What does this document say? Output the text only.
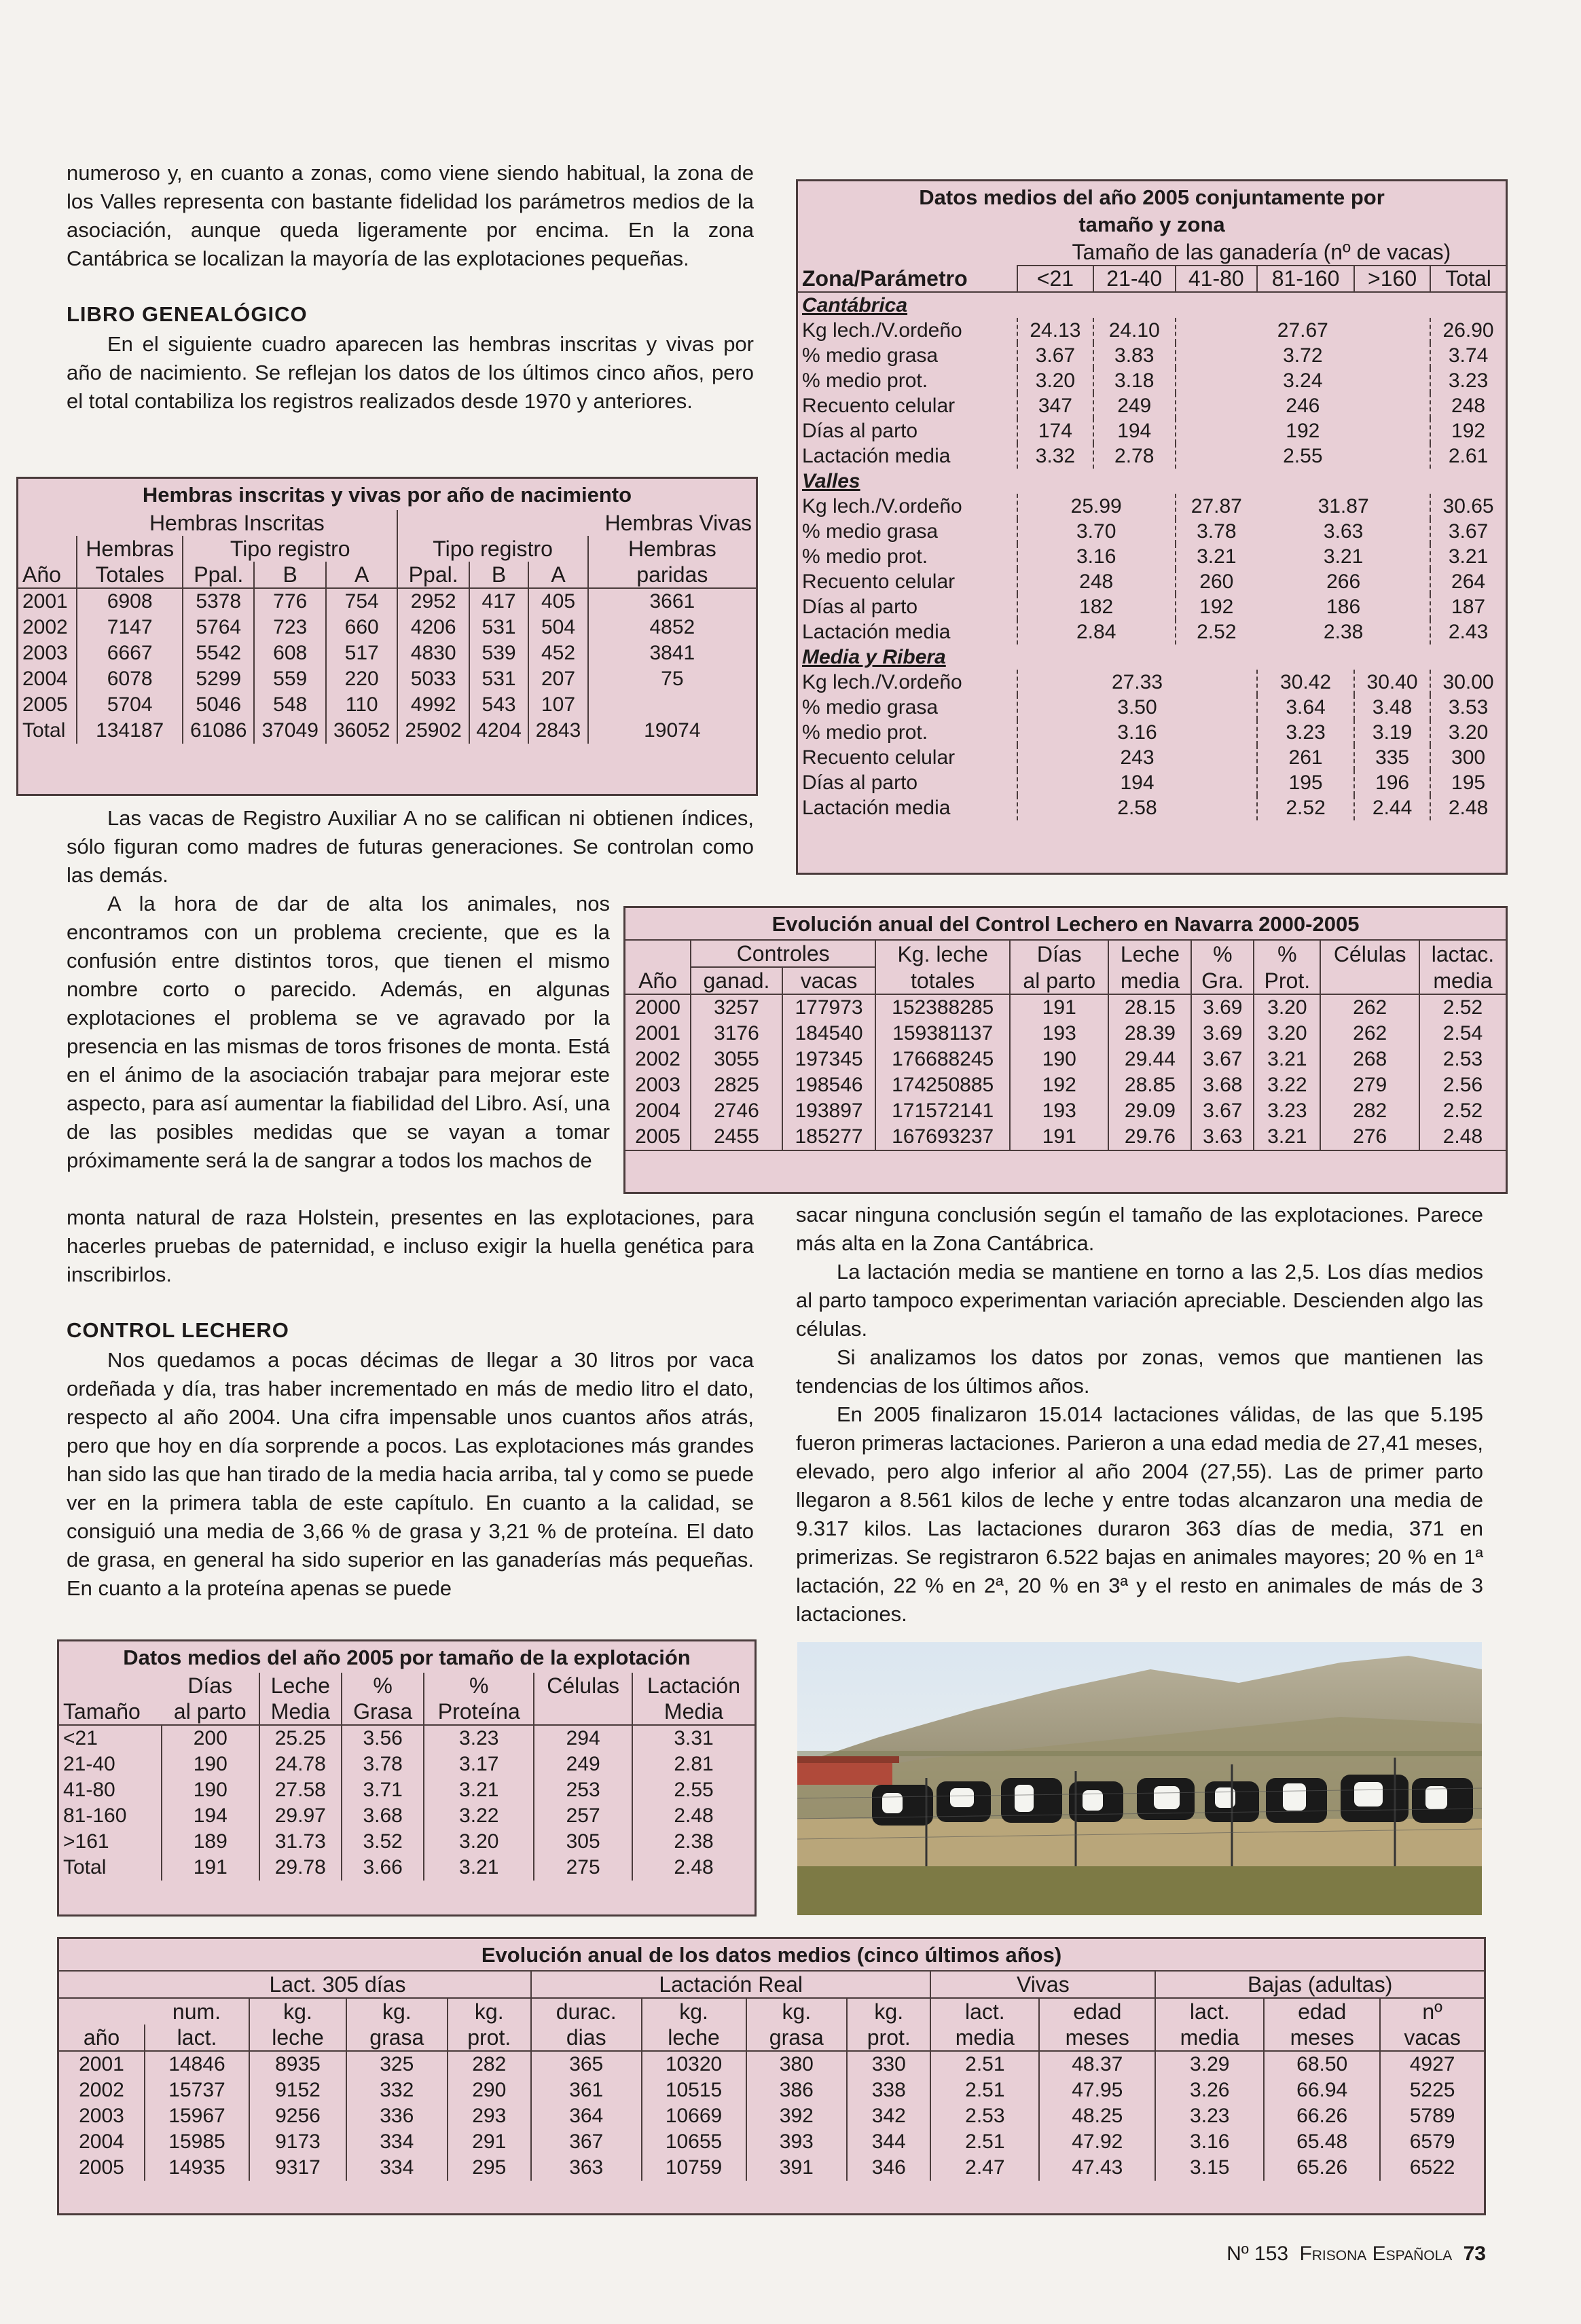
numeroso y, en cuanto a zonas, como viene siendo habitual, la zona de los Valles representa con bastante fidelidad los parámetros medios de la asociación, aunque queda ligeramente por encima. En la zona Cantábrica se localizan la mayoría de las explotaciones pequeñas.

LIBRO GENEALÓGICO

En el siguiente cuadro aparecen las hembras inscritas y vivas por año de nacimiento. Se reflejan los datos de los últimos cinco años, pero el total contabiliza los registros realizados desde 1970 y anteriores.

Hembras inscritas y vivas por año de nacimiento
	Hembras Inscritas							Hembras Vivas
	Hembras	Tipo registro			Tipo registro			Hembras
Año	Totales	Ppal.	B	A	Ppal.	B	A	paridas
2001	6908	5378	776	754	2952	417	405	3661
2002	7147	5764	723	660	4206	531	504	4852
2003	6667	5542	608	517	4830	539	452	3841
2004	6078	5299	559	220	5033	531	207	75
2005	5704	5046	548	110	4992	543	107	
Total	134187	61086	37049	36052	25902	4204	2843	19074

Las vacas de Registro Auxiliar A no se califican ni obtienen índices, sólo figuran como madres de futuras generaciones. Se controlan como las demás.

A la hora de dar de alta los animales, nos encontramos con un problema creciente, que es la confusión entre distintos toros, que tienen el mismo nombre corto o parecido. Además, en algunas explotaciones el problema se ve agravado por la presencia en las mismas de toros frisones de monta. Está en el ánimo de la asociación trabajar para mejorar este aspecto, para así aumentar la fiabilidad del Libro. Así, una de las posibles medidas que se vayan a tomar próximamente será la de sangrar a todos los machos de

monta natural de raza Holstein, presentes en las explotaciones, para hacerles pruebas de paternidad, e incluso exigir la huella genética para inscribirlos.

CONTROL LECHERO

Nos quedamos a pocas décimas de llegar a 30 litros por vaca ordeñada y día, tras haber incrementado en más de medio litro el dato, respecto al año 2004. Una cifra impensable unos cuantos años atrás, pero que hoy en día sorprende a pocos. Las explotaciones más grandes han sido las que han tirado de la media hacia arriba, tal y como se puede ver en la primera tabla de este capítulo. En cuanto a la calidad, se consiguió una media de 3,66 % de grasa y 3,21 % de proteína. El dato de grasa, en general ha sido superior en las ganaderías más pequeñas. En cuanto a la proteína apenas se puede

Datos medios del año 2005 conjuntamente por
tamaño y zona
	Tamaño de las ganadería (nº de vacas)					
Zona/Parámetro	<21	21-40	41-80	81-160	>160	Total
Cantábrica						
Kg lech./V.ordeño	24.13	24.10	27.67			26.90
% medio grasa	3.67	3.83	3.72			3.74
% medio prot.	3.20	3.18	3.24			3.23
Recuento celular	347	249	246			248
Días al parto	174	194	192			192
Lactación media	3.32	2.78	2.55			2.61
Valles						
Kg lech./V.ordeño	25.99		27.87	31.87		30.65
% medio grasa	3.70		3.78	3.63		3.67
% medio prot.	3.16		3.21	3.21		3.21
Recuento celular	248		260	266		264
Días al parto	182		192	186		187
Lactación media	2.84		2.52	2.38		2.43
Media y Ribera						
Kg lech./V.ordeño	27.33			30.42	30.40	30.00
% medio grasa	3.50			3.64	3.48	3.53
% medio prot.	3.16			3.23	3.19	3.20
Recuento celular	243			261	335	300
Días al parto	194			195	196	195
Lactación media	2.58			2.52	2.44	2.48
Evolución anual del Control Lechero en Navarra 2000-2005
	Controles		Kg. leche	Días	Leche	%	%	Células	lactac.
Año	ganad.	vacas	totales	al parto	media	Gra.	Prot.		media
2000	3257	177973	152388285	191	28.15	3.69	3.20	262	2.52
2001	3176	184540	159381137	193	28.39	3.69	3.20	262	2.54
2002	3055	197345	176688245	190	29.44	3.67	3.21	268	2.53
2003	2825	198546	174250885	192	28.85	3.68	3.22	279	2.56
2004	2746	193897	171572141	193	29.09	3.67	3.23	282	2.52
2005	2455	185277	167693237	191	29.76	3.63	3.21	276	2.48

sacar ninguna conclusión según el tamaño de las explotaciones. Parece más alta en la Zona Cantábrica.

La lactación media se mantiene en torno a las 2,5. Los días medios al parto tampoco experimentan variación apreciable. Descienden algo las células.

Si analizamos los datos por zonas, vemos que mantienen las tendencias de los últimos años.

En 2005 finalizaron 15.014 lactaciones válidas, de las que 5.195 fueron primeras lactaciones. Parieron a una edad media de 27,41 meses, elevado, pero algo inferior al año 2004 (27,55). Las de primer parto llegaron a 8.561 kilos de leche y entre todas alcanzaron una media de 9.317 kilos. Las lactaciones duraron 363 días de media, 371 en primerizas. Se registraron 6.522 bajas en animales mayores; 20 % en 1ª lactación, 22 % en 2ª, 20 % en 3ª y el resto en animales de más de 3 lactaciones.

Datos medios del año 2005 por tamaño de la explotación
	Días	Leche	%	%	Células	Lactación
Tamaño	al parto	Media	Grasa	Proteína		Media
<21	200	25.25	3.56	3.23	294	3.31
21-40	190	24.78	3.78	3.17	249	2.81
41-80	190	27.58	3.71	3.21	253	2.55
81-160	194	29.97	3.68	3.22	257	2.48
>161	189	31.73	3.52	3.20	305	2.38
Total	191	29.78	3.66	3.21	275	2.48
Evolución anual de los datos medios (cinco últimos años)
	Lact. 305 días				Lactación Real				Vivas		Bajas (adultas)		
	num.	kg.	kg.	kg.	durac.	kg.	kg.	kg.	lact.	edad	lact.	edad	nº
año	lact.	leche	grasa	prot.	dias	leche	grasa	prot.	media	meses	media	meses	vacas
2001	14846	8935	325	282	365	10320	380	330	2.51	48.37	3.29	68.50	4927
2002	15737	9152	332	290	361	10515	386	338	2.51	47.95	3.26	66.94	5225
2003	15967	9256	336	293	364	10669	392	342	2.53	48.25	3.23	66.26	5789
2004	15985	9173	334	291	367	10655	393	344	2.51	47.92	3.16	65.48	6579
2005	14935	9317	334	295	363	10759	391	346	2.47	47.43	3.15	65.26	6522
Nº 153 Frisona Española 73
